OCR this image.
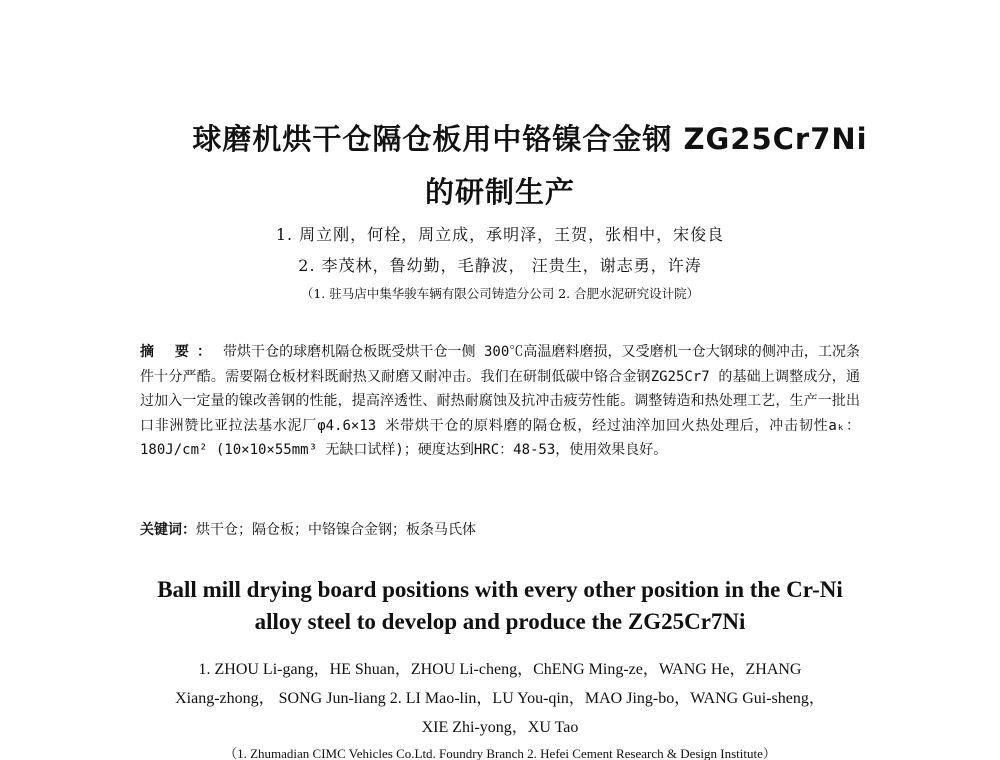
球磨机烘干仓隔仓板用中铬镍合金钢 ZG25Cr7Ni
的研制生产
1. 周立刚，何栓，周立成，承明泽，王贺，张相中，宋俊良
2. 李茂林，鲁幼勤，毛静波， 汪贵生，谢志勇，许涛
（1. 驻马店中集华骏车辆有限公司铸造分公司 2. 合肥水泥研究设计院）
摘 要： 带烘干仓的球磨机隔仓板既受烘干仓一侧 300℃高温磨料磨损，又受磨机一仓大钢球的侧冲击，工况条件十分严酷。需要隔仓板材料既耐热又耐磨又耐冲击。我们在研制低碳中铬合金钢ZG25Cr7 的基础上调整成分，通过加入一定量的镍改善钢的性能，提高淬透性、耐热耐腐蚀及抗冲击疲劳性能。调整铸造和热处理工艺，生产一批出口非洲赞比亚拉法基水泥厂φ4.6×13 米带烘干仓的原料磨的隔仓板，经过油淬加回火热处理后，冲击韧性aₖ：180J/cm² (10×10×55mm³ 无缺口试样)；硬度达到HRC：48-53，使用效果良好。
关键词：烘干仓；隔仓板；中铬镍合金钢；板条马氏体
Ball mill drying board positions with every other position in the Cr-Ni
alloy steel to develop and produce the ZG25Cr7Ni
1. ZHOU Li-gang，HE Shuan，ZHOU Li-cheng，ChENG Ming-ze，WANG He，ZHANG
Xiang-zhong， SONG Jun-liang 2. LI Mao-lin，LU You-qin，MAO Jing-bo，WANG Gui-sheng，
XIE Zhi-yong，XU Tao
（1. Zhumadian CIMC Vehicles Co.Ltd. Foundry Branch 2. Hefei Cement Research & Design Institute）
